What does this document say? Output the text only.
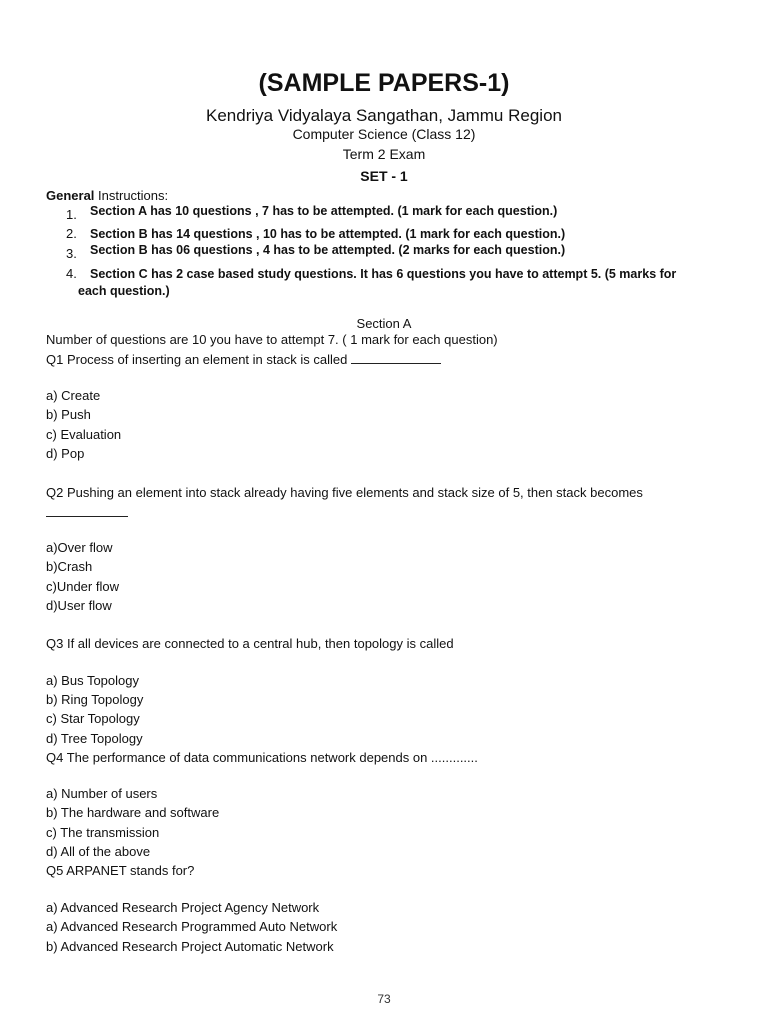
(SAMPLE PAPERS-1)
Kendriya Vidyalaya Sangathan, Jammu Region
Computer Science (Class 12)
Term 2 Exam
SET - 1
General Instructions:
1. Section A has 10 questions , 7 has to be attempted. (1 mark for each question.)
2. Section B has 14 questions , 10 has to be attempted. (1 mark for each question.)
3. Section B has 06 questions , 4 has to be attempted. (2 marks for each question.)
4. Section C has 2 case based study questions. It has 6 questions you have to attempt 5. (5 marks for
each question.)
Section A
Number of questions are 10 you have to attempt 7. ( 1 mark for each question)
Q1 Process of inserting an element in stack is called
a) Create
b) Push
c) Evaluation
d) Pop
Q2 Pushing an element into stack already having five elements and stack size of 5, then stack becomes
a)Over flow
b)Crash
c)Under flow
d)User flow
Q3 If all devices are connected to a central hub, then topology is called
a) Bus Topology
b) Ring Topology
c) Star Topology
d) Tree Topology
Q4 The performance of data communications network depends on .............
a) Number of users
b) The hardware and software
c) The transmission
d) All of the above
Q5 ARPANET stands for?
a) Advanced Research Project Agency Network
a) Advanced Research Programmed Auto Network
b) Advanced Research Project Automatic Network
73
